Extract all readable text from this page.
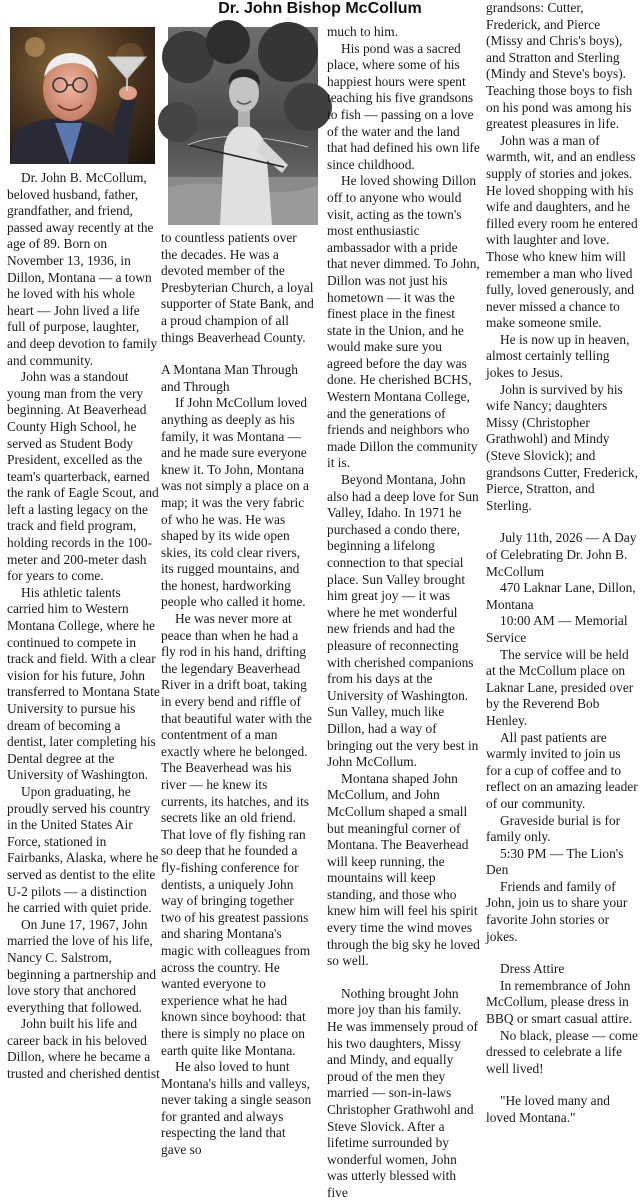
Dr. John Bishop McCollum

Dr. John B. McCollum, beloved husband, father, grandfather, and friend, passed away recently at the age of 89. Born on November 13, 1936, in Dillon, Montana — a town he loved with his whole heart — John lived a life full of purpose, laughter, and deep devotion to family and community.

John was a standout young man from the very beginning. At Beaverhead County High School, he served as Student Body President, excelled as the team's quarterback, earned the rank of Eagle Scout, and left a lasting legacy on the track and field program, holding records in the 100-meter and 200-meter dash for years to come.

His athletic talents carried him to Western Montana College, where he continued to compete in track and field. With a clear vision for his future, John transferred to Montana State University to pursue his dream of becoming a dentist, later completing his Dental degree at the University of Washington.

Upon graduating, he proudly served his country in the United States Air Force, stationed in Fairbanks, Alaska, where he served as dentist to the elite U-2 pilots — a distinction he carried with quiet pride.

On June 17, 1967, John married the love of his life, Nancy C. Salstrom, beginning a partnership and love story that anchored everything that followed.

John built his life and career back in his beloved Dillon, where he became a trusted and cherished dentist

to countless patients over the decades. He was a devoted member of the Presbyterian Church, a loyal supporter of State Bank, and a proud champion of all things Beaverhead County.

A Montana Man Through and Through

If John McCollum loved anything as deeply as his family, it was Montana —and he made sure everyone knew it. To John, Montana was not simply a place on a map; it was the very fabric of who he was. He was shaped by its wide open skies, its cold clear rivers, its rugged mountains, and the honest, hardworking people who called it home.

He was never more at peace than when he had a fly rod in his hand, drifting the legendary Beaverhead River in a drift boat, taking in every bend and riffle of that beautiful water with the contentment of a man exactly where he belonged. The Beaverhead was his river — he knew its currents, its hatches, and its secrets like an old friend. That love of fly fishing ran so deep that he founded a fly-fishing conference for dentists, a uniquely John way of bringing together two of his greatest passions and sharing Montana's magic with colleagues from across the country. He wanted everyone to experience what he had known since boyhood: that there is simply no place on earth quite like Montana.

He also loved to hunt Montana's hills and valleys, never taking a single season for granted and always respecting the land that gave so

much to him.

His pond was a sacred place, where some of his happiest hours were spent teaching his five grandsons to fish — passing on a love of the water and the land that had defined his own life since childhood.

He loved showing Dillon off to anyone who would visit, acting as the town's most enthusiastic ambassador with a pride that never dimmed. To John, Dillon was not just his hometown — it was the finest place in the finest state in the Union, and he would make sure you agreed before the day was done. He cherished BCHS, Western Montana College, and the generations of friends and neighbors who made Dillon the community it is.

Beyond Montana, John also had a deep love for Sun Valley, Idaho. In 1971 he purchased a condo there, beginning a lifelong connection to that special place. Sun Valley brought him great joy — it was where he met wonderful new friends and had the pleasure of reconnecting with cherished companions from his days at the University of Washington. Sun Valley, much like Dillon, had a way of bringing out the very best in John McCollum.

Montana shaped John McCollum, and John McCollum shaped a small but meaningful corner of Montana. The Beaverhead will keep running, the mountains will keep standing, and those who knew him will feel his spirit every time the wind moves through the big sky he loved so well.

Nothing brought John more joy than his family. He was immensely proud of his two daughters, Missy and Mindy, and equally proud of the men they married — son-in-laws Christopher Grathwohl and Steve Slovick. After a lifetime surrounded by wonderful women, John was utterly blessed with five

grandsons: Cutter, Frederick, and Pierce (Missy and Chris's boys), and Stratton and Sterling (Mindy and Steve's boys). Teaching those boys to fish on his pond was among his greatest pleasures in life.

John was a man of warmth, wit, and an endless supply of stories and jokes. He loved shopping with his wife and daughters, and he filled every room he entered with laughter and love. Those who knew him will remember a man who lived fully, loved generously, and never missed a chance to make someone smile.

He is now up in heaven, almost certainly telling jokes to Jesus.

John is survived by his wife Nancy; daughters Missy (Christopher Grathwohl) and Mindy (Steve Slovick); and grandsons Cutter, Frederick, Pierce, Stratton, and Sterling.

July 11th, 2026 — A Day of Celebrating Dr. John B. McCollum

470 Laknar Lane, Dillon, Montana

10:00 AM — Memorial Service

The service will be held at the McCollum place on Laknar Lane, presided over by the Reverend Bob Henley.

All past patients are warmly invited to join us for a cup of coffee and to reflect on an amazing leader of our community.

Graveside burial is for family only.

5:30 PM — The Lion's Den

Friends and family of John, join us to share your favorite John stories or jokes.

Dress Attire

In remembrance of John McCollum, please dress in BBQ or smart casual attire.

No black, please — come dressed to celebrate a life well lived!

"He loved many and loved Montana."
